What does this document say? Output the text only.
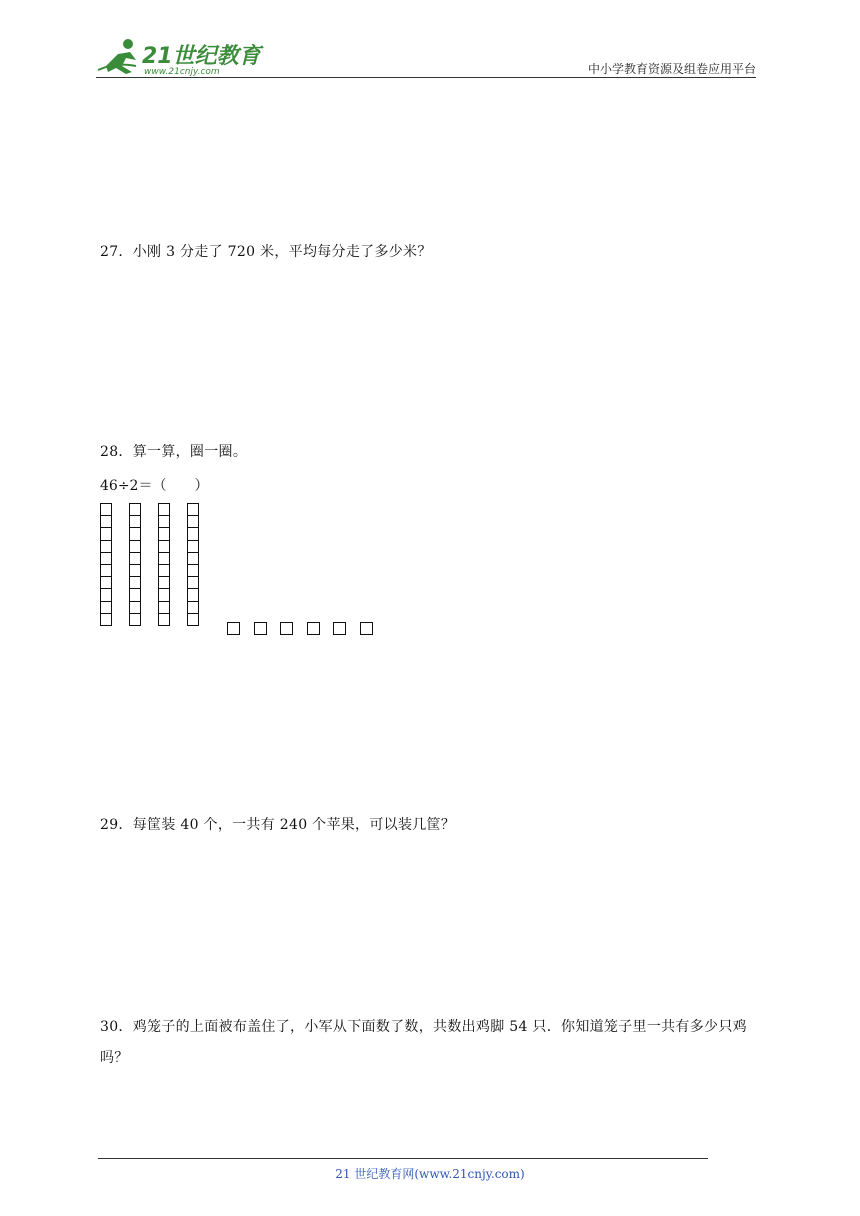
21世纪教育
www.21cnjy.com	中小学教育资源及组卷应用平台
27．小刚 3 分走了 720 米，平均每分走了多少米？
28．算一算，圈一圈。
46÷2＝（　　）
29．每筐装 40 个，一共有 240 个苹果，可以装几筐？
30．鸡笼子的上面被布盖住了，小军从下面数了数，共数出鸡脚 54 只．你知道笼子里一共有多少只鸡吗？
21 世纪教育网(www.21cnjy.com)
